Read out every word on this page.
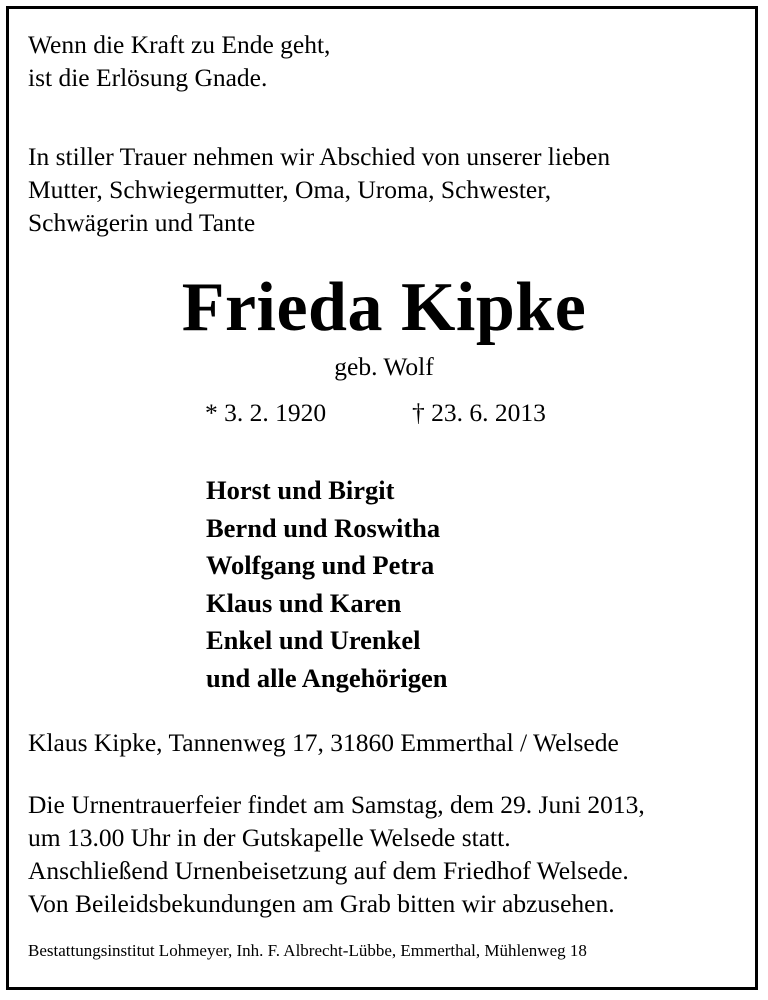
Wenn die Kraft zu Ende geht,
ist die Erlösung Gnade.
In stiller Trauer nehmen wir Abschied von unserer lieben
Mutter, Schwiegermutter, Oma, Uroma, Schwester,
Schwägerin und Tante
Frieda Kipke
geb. Wolf
* 3. 2. 1920	† 23. 6. 2013
Horst und Birgit
Bernd und Roswitha
Wolfgang und Petra
Klaus und Karen
Enkel und Urenkel
und alle Angehörigen
Klaus Kipke, Tannenweg 17, 31860 Emmerthal / Welsede
Die Urnentrauerfeier findet am Samstag, dem 29. Juni 2013,
um 13.00 Uhr in der Gutskapelle Welsede statt.
Anschließend Urnenbeisetzung auf dem Friedhof Welsede.
Von Beileidsbekundungen am Grab bitten wir abzusehen.
Bestattungsinstitut Lohmeyer, Inh. F. Albrecht-Lübbe, Emmerthal, Mühlenweg 18
